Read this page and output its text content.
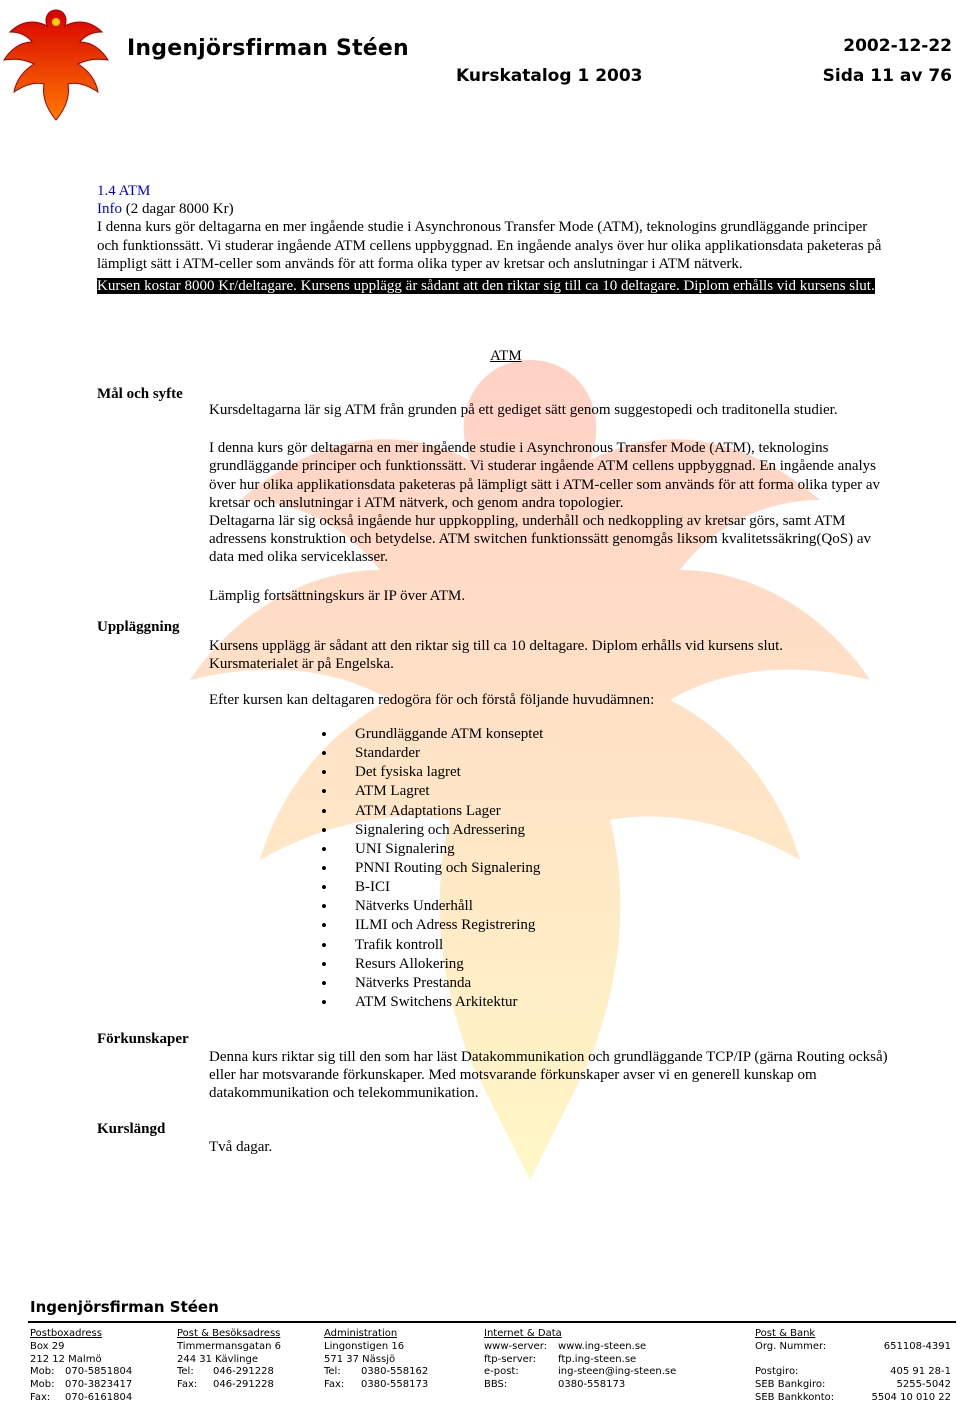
Ingenjörsfirman Stéen	2002-12-22
Kurskatalog 1 2003	Sida 11 av 76
1.4 ATM
Info (2 dagar 8000 Kr)
I denna kurs gör deltagarna en mer ingående studie i Asynchronous Transfer Mode (ATM), teknologins grundläggande principer och funktionssätt. Vi studerar ingående ATM cellens uppbyggnad. En ingående analys över hur olika applikationsdata paketeras på lämpligt sätt i ATM-celler som används för att forma olika typer av kretsar och anslutningar i ATM nätverk.
Kursen kostar 8000 Kr/deltagare. Kursens upplägg är sådant att den riktar sig till ca 10 deltagare. Diplom erhålls vid kursens slut.
ATM
Mål och syfte

Kursdeltagarna lär sig ATM från grunden på ett gediget sätt genom suggestopedi och traditonella studier.

I denna kurs gör deltagarna en mer ingående studie i Asynchronous Transfer Mode (ATM), teknologins grundläggande principer och funktionssätt. Vi studerar ingående ATM cellens uppbyggnad. En ingående analys över hur olika applikationsdata paketeras på lämpligt sätt i ATM-celler som används för att forma olika typer av kretsar och anslutningar i ATM nätverk, och genom andra topologier.

Deltagarna lär sig också ingående hur uppkoppling, underhåll och nedkoppling av kretsar görs, samt ATM adressens konstruktion och betydelse. ATM switchen funktionssätt genomgås liksom kvalitetssäkring(QoS) av data med olika serviceklasser.

Lämplig fortsättningskurs är IP över ATM.

Uppläggning

Kursens upplägg är sådant att den riktar sig till ca 10 deltagare. Diplom erhålls vid kursens slut.

Kursmaterialet är på Engelska.

Efter kursen kan deltagaren redogöra för och förstå följande huvudämnen:

• Grundläggande ATM konseptet
• Standarder
• Det fysiska lagret
• ATM Lagret
• ATM Adaptations Lager
• Signalering och Adressering
• UNI Signalering
• PNNI Routing och Signalering
• B-ICI
• Nätverks Underhåll
• ILMI och Adress Registrering
• Trafik kontroll
• Resurs Allokering
• Nätverks Prestanda
• ATM Switchens Arkitektur
Förkunskaper
Denna kurs riktar sig till den som har läst Datakommunikation och grundläggande TCP/IP (gärna Routing också) eller har motsvarande förkunskaper. Med motsvarande förkunskaper avser vi en generell kunskap om datakommunikation och telekommunikation.
Kurslängd
Två dagar.
Ingenjörsfirman Stéen
Postboxadress
Box 29
212 12 Malmö
Mob: 070-5851804
Mob: 070-3823417
Fax: 070-6161804
Post & Besöksadress
Timmermansgatan 6
244 31 Kävlinge
Tel: 046-291228
Fax: 046-291228
Administration
Lingonstigen 16
571 37 Nässjö
Tel: 0380-558162
Fax: 0380-558173
Internet & Data
www-server: www.ing-steen.se
ftp-server: ftp.ing-steen.se
e-post:	ing-steen@ing-steen.se
BBS:	0380-558173
Post & Bank
Org. Nummer:	651108-4391
Postgiro:	405 91 28-1
SEB Bankgiro:	5255-5042
SEB Bankkonto:	5504 10 010 22
